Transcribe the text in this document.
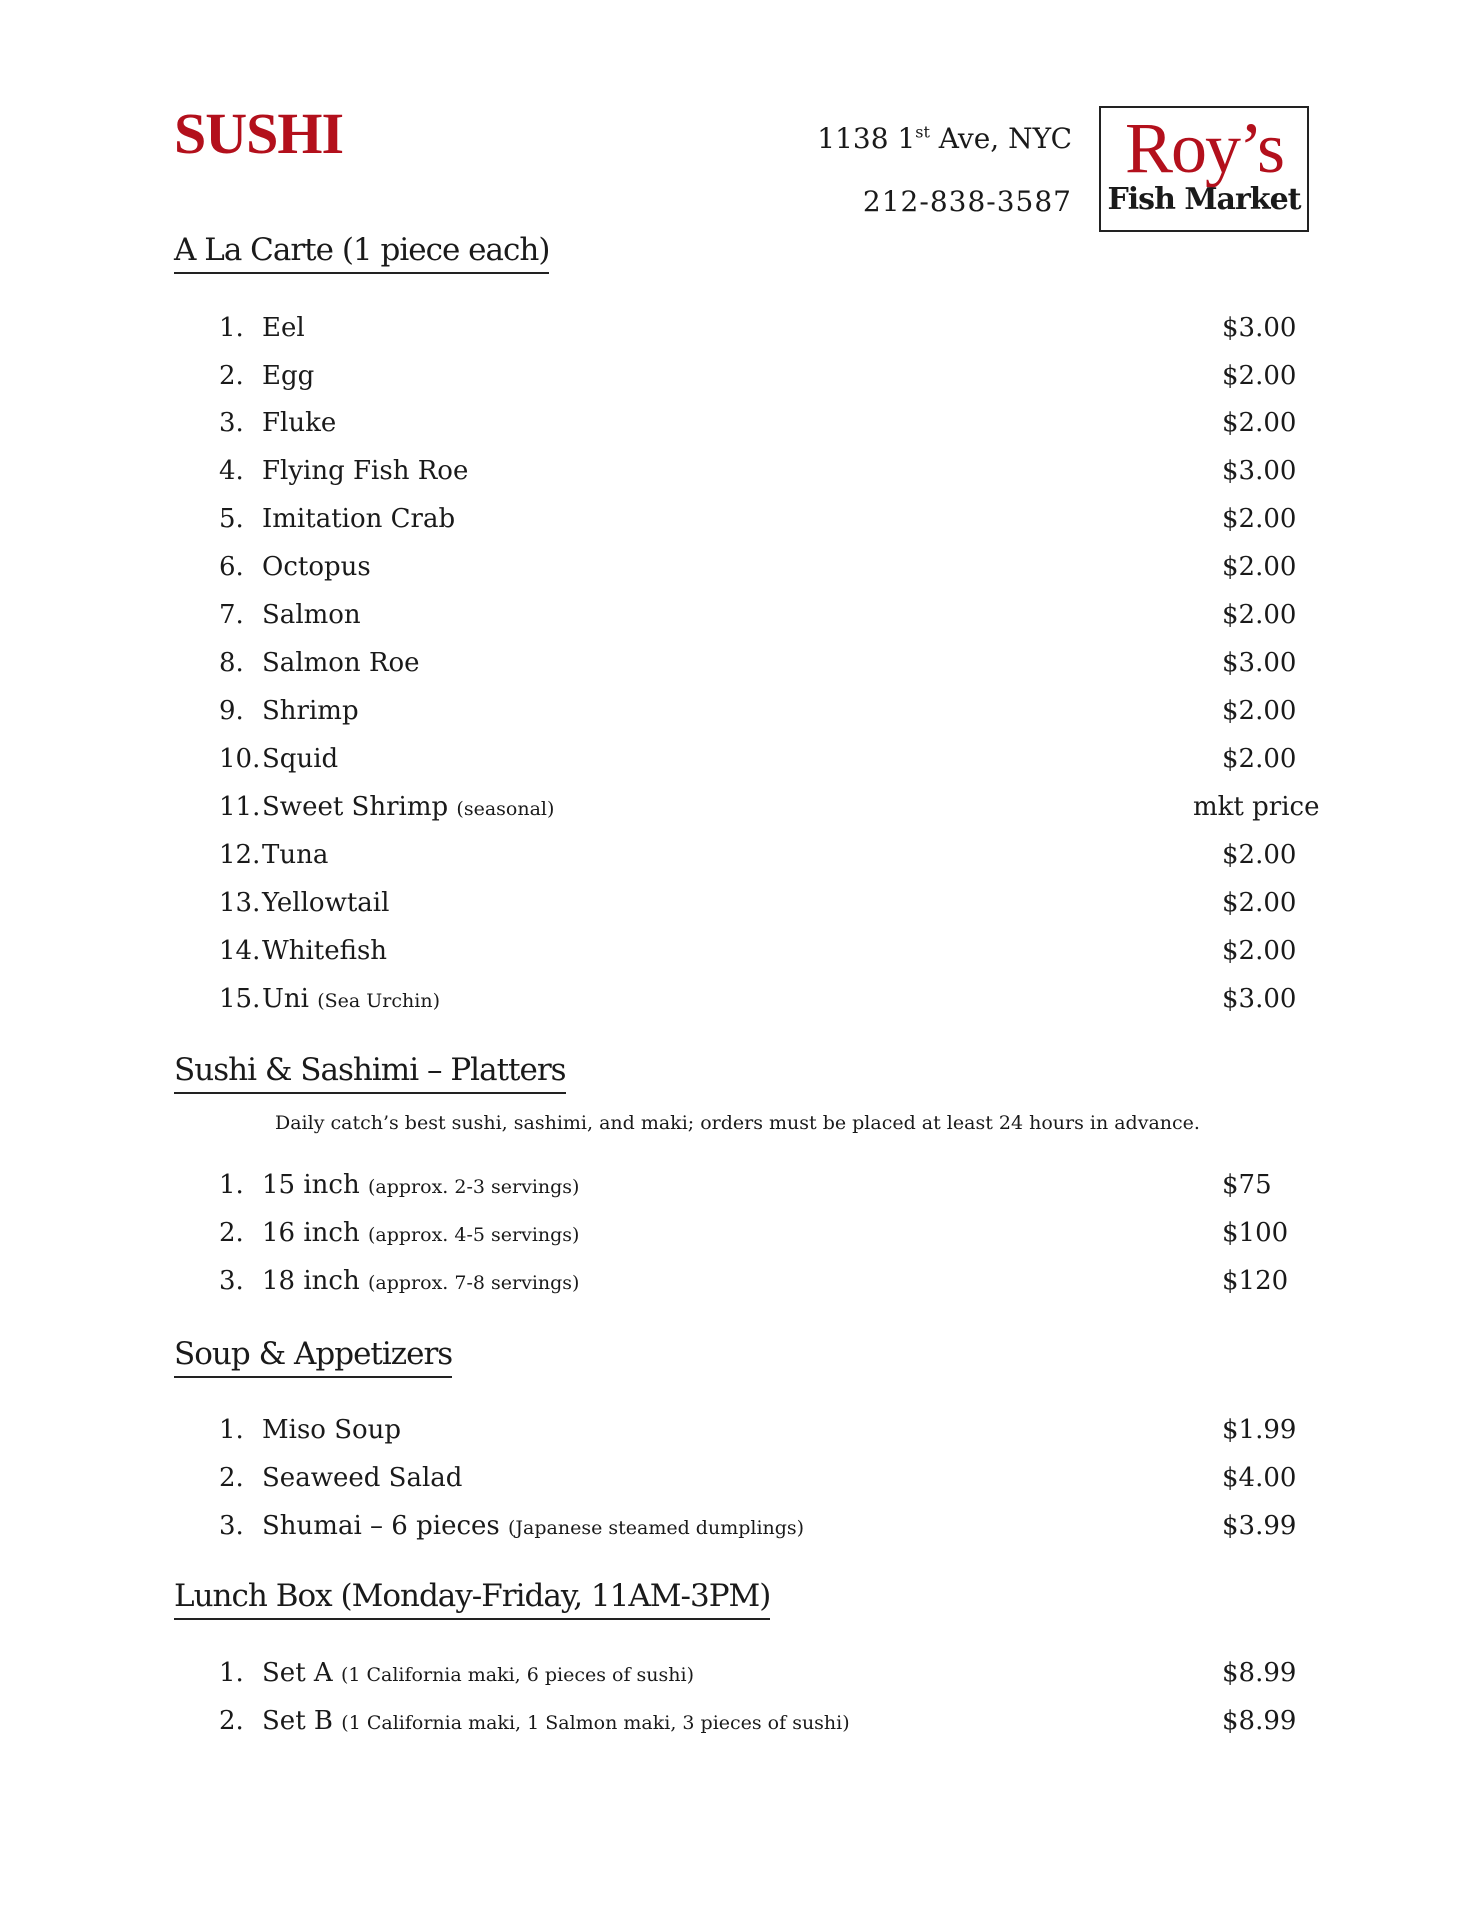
SUSHI	1138 1st Ave, NYC
212-838-3587
Roy’s
Fish Market
A La Carte (1 piece each)
1. Eel	$3.00
2. Egg	$2.00
3. Fluke	$2.00
4. Flying Fish Roe	$3.00
5. Imitation Crab	$2.00
6. Octopus	$2.00
7. Salmon	$2.00
8. Salmon Roe	$3.00
9. Shrimp	$2.00
10.Squid	$2.00
11.Sweet Shrimp (seasonal)	mkt price
12.Tuna	$2.00
13.Yellowtail	$2.00
14.Whitefish	$2.00
15.Uni (Sea Urchin)	$3.00
Sushi & Sashimi – Platters
Daily catch’s best sushi, sashimi, and maki; orders must be placed at least 24 hours in advance.
1. 15 inch (approx. 2-3 servings)	$75
2. 16 inch (approx. 4-5 servings)	$100
3. 18 inch (approx. 7-8 servings)	$120
Soup & Appetizers
1. Miso Soup	$1.99
2. Seaweed Salad	$4.00
3. Shumai – 6 pieces (Japanese steamed dumplings)	$3.99
Lunch Box (Monday-Friday, 11AM-3PM)
1. Set A (1 California maki, 6 pieces of sushi)	$8.99
2. Set B (1 California maki, 1 Salmon maki, 3 pieces of sushi)	$8.99
